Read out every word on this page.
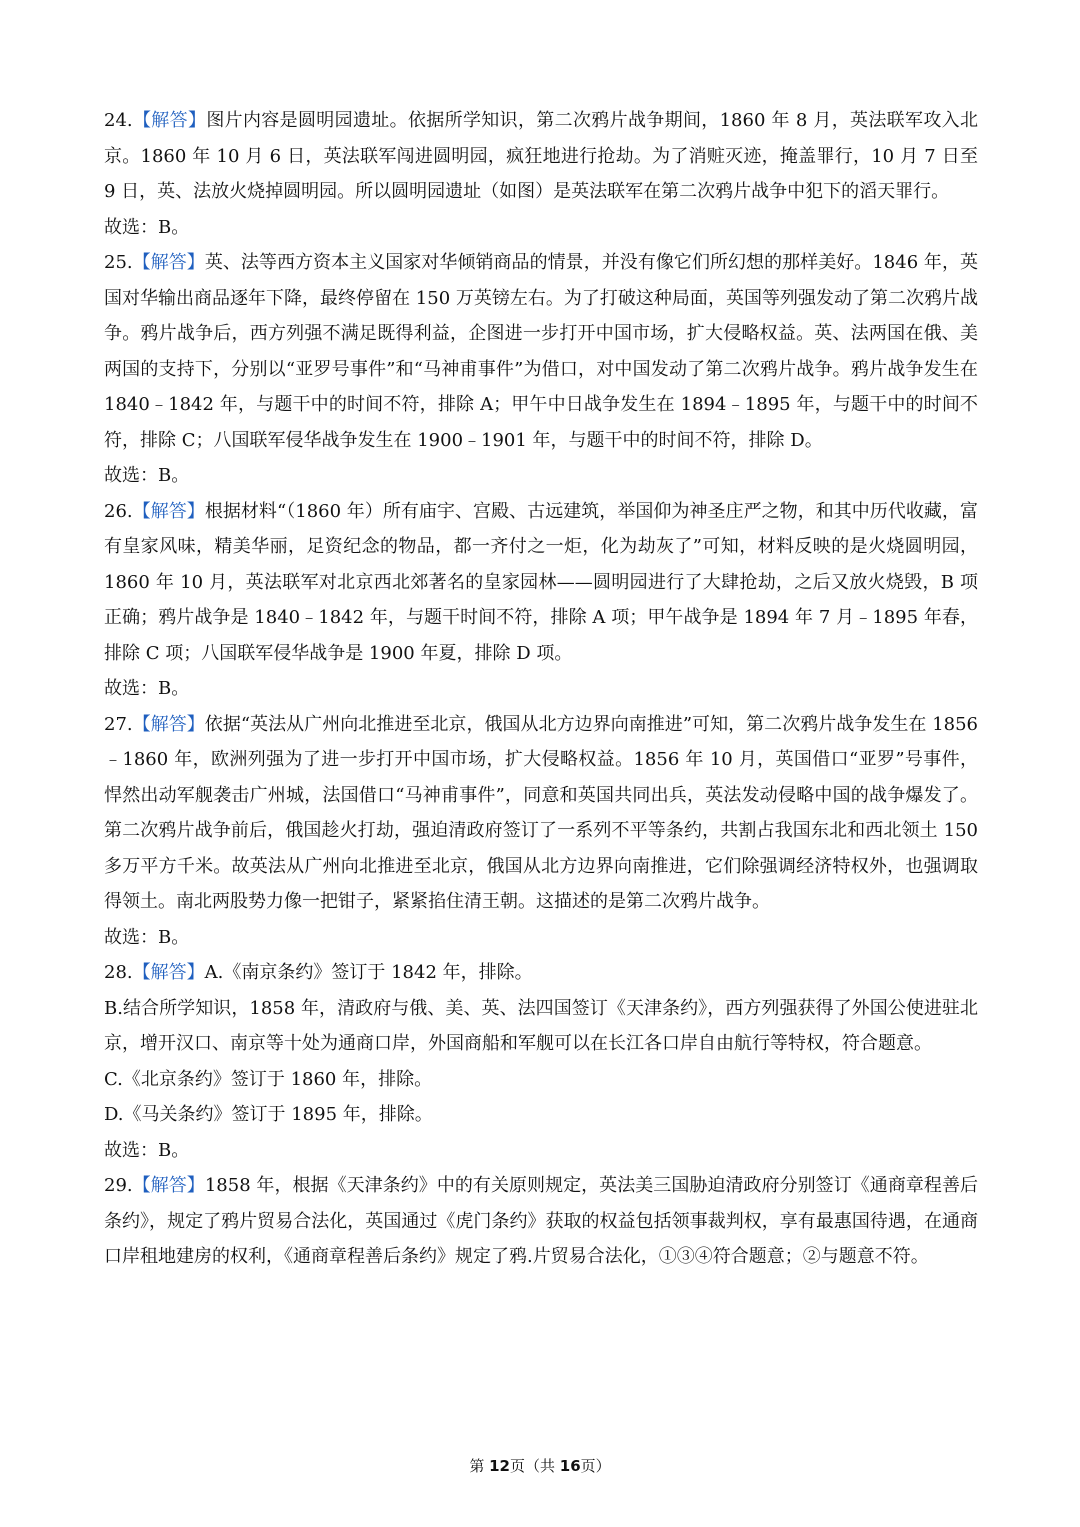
24.【解答】图片内容是圆明园遗址。依据所学知识，第二次鸦片战争期间，1860 年 8 月，英法联军攻入北京。1860 年 10 月 6 日，英法联军闯进圆明园，疯狂地进行抢劫。为了消赃灭迹，掩盖罪行，10 月 7 日至 9 日，英、法放火烧掉圆明园。所以圆明园遗址（如图）是英法联军在第二次鸦片战争中犯下的滔天罪行。

故选：B。

25.【解答】英、法等西方资本主义国家对华倾销商品的情景，并没有像它们所幻想的那样美好。1846 年，英国对华输出商品逐年下降，最终停留在 150 万英镑左右。为了打破这种局面，英国等列强发动了第二次鸦片战争。鸦片战争后，西方列强不满足既得利益，企图进一步打开中国市场，扩大侵略权益。英、法两国在俄、美两国的支持下，分别以“亚罗号事件”和“马神甫事件”为借口，对中国发动了第二次鸦片战争。鸦片战争发生在 1840﹣1842 年，与题干中的时间不符，排除 A；甲午中日战争发生在 1894﹣1895 年，与题干中的时间不符，排除 C；八国联军侵华战争发生在 1900﹣1901 年，与题干中的时间不符，排除 D。

故选：B。

26.【解答】根据材料“（1860 年）所有庙宇、宫殿、古远建筑，举国仰为神圣庄严之物，和其中历代收藏，富有皇家风味，精美华丽，足资纪念的物品，都一齐付之一炬，化为劫灰了”可知，材料反映的是火烧圆明园，1860 年 10 月，英法联军对北京西北郊著名的皇家园林——圆明园进行了大肆抢劫，之后又放火烧毁，B 项正确；鸦片战争是 1840﹣1842 年，与题干时间不符，排除 A 项；甲午战争是 1894 年 7 月﹣1895 年春，排除 C 项；八国联军侵华战争是 1900 年夏，排除 D 项。

故选：B。

27.【解答】依据“英法从广州向北推进至北京，俄国从北方边界向南推进”可知，第二次鸦片战争发生在 1856﹣1860 年，欧洲列强为了进一步打开中国市场，扩大侵略权益。1856 年 10 月，英国借口“亚罗”号事件，悍然出动军舰袭击广州城，法国借口“马神甫事件”，同意和英国共同出兵，英法发动侵略中国的战争爆发了。第二次鸦片战争前后，俄国趁火打劫，强迫清政府签订了一系列不平等条约，共割占我国东北和西北领土 150 多万平方千米。故英法从广州向北推进至北京，俄国从北方边界向南推进，它们除强调经济特权外，也强调取得领土。南北两股势力像一把钳子，紧紧掐住清王朝。这描述的是第二次鸦片战争。

故选：B。

28.【解答】A.《南京条约》签订于 1842 年，排除。

B.结合所学知识，1858 年，清政府与俄、美、英、法四国签订《天津条约》，西方列强获得了外国公使进驻北京，增开汉口、南京等十处为通商口岸，外国商船和军舰可以在长江各口岸自由航行等特权，符合题意。

C.《北京条约》签订于 1860 年，排除。

D.《马关条约》签订于 1895 年，排除。

故选：B。

29.【解答】1858 年，根据《天津条约》中的有关原则规定，英法美三国胁迫清政府分别签订《通商章程善后条约》，规定了鸦片贸易合法化，英国通过《虎门条约》获取的权益包括领事裁判权，享有最惠国待遇，在通商口岸租地建房的权利，《通商章程善后条约》规定了鸦.片贸易合法化，①③④符合题意；②与题意不符。

第 12页（共 16页）
